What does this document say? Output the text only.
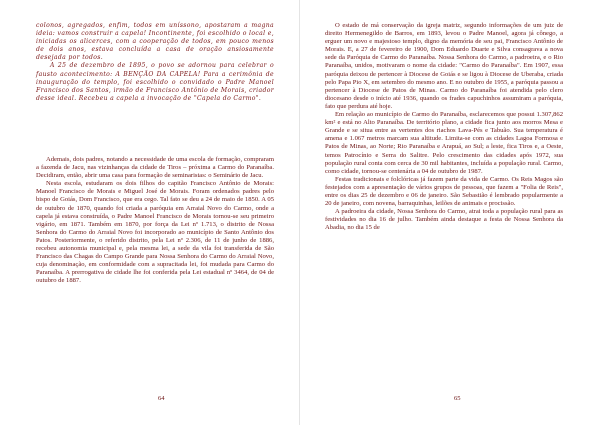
colonos, agregados, enfim, todos em uníssono, apostaram a magna ideia: vamos construir a capela! Incontinente, foi escolhido o local e, iniciadas os alicerces, com a cooperação de todos, em pouco menos de dois anos, estava concluída a casa de oração ansiosamente desejada por todos.

A 25 de dezembro de 1895, o povo se adornou para celebrar o fausto acontecimento: A BENÇÃO DA CAPELA! Para a cerimônia de inauguração do templo, foi escolhido o convidado o Padre Manoel Francisco dos Santos, irmão de Francisco Antônio de Morais, criador desse ideal. Recebeu a capela a invocação de "Capela do Carmo".

Ademais, dois padres, notando a necessidade de uma escola de formação, compraram a fazenda de Jacu, nas vizinhanças da cidade de Tiros – próxima a Carmo do Paranaíba. Decidiram, então, abrir uma casa para formação de seminaristas: o Seminário de Jacu.

Nesta escola, estudaram os dois filhos do capitão Francisco Antônio de Morais: Manoel Francisco de Morais e Miguel José de Morais. Foram ordenados padres pelo bispo de Goiás, Dom Francisco, que era cego. Tal fato se deu a 24 de maio de 1850. A 05 de outubro de 1870, quando foi criada a paróquia em Arraial Novo do Carmo, onde a capela já estava construída, o Padre Manoel Francisco de Morais tornou-se seu primeiro vigário, em 1871. Também em 1870, por força da Lei nº 1.713, o distrito de Nossa Senhora do Carmo do Arraial Novo foi incorporado ao município de Santo Antônio dos Patos. Posteriormente, o referido distrito, pela Lei nº 2.306, de 11 de junho de 1886, recebeu autonomia municipal e, pela mesma lei, a sede da vila foi transferida de São Francisco das Chagas do Campo Grande para Nossa Senhora do Carmo do Arraial Novo, cuja denominação, em conformidade com a supracitada lei, foi mudada para Carmo do Paranaíba. A prerrogativa de cidade lhe foi conferida pela Lei estadual nº 3464, de 04 de outubro de 1887.

64

O estado de má conservação da igreja matriz, segundo informações de um juiz de direito Hermenegildo de Barros, em 1893, levou o Padre Manoel, agora já cônego, a erguer um novo e majestoso templo, digno da memória de seu pai, Francisco Antônio de Morais. E, a 27 de fevereiro de 1900, Dom Eduardo Duarte e Silva consagrava a nova sede da Paróquia de Carmo do Paranaíba. Nossa Senhora do Carmo, a padroeira, e o Rio Paranaíba, unidos, motivaram o nome da cidade: "Carmo do Paranaíba". Em 1907, essa paróquia deixou de pertencer à Diocese de Goiás e se ligou à Diocese de Uberaba, criada pelo Papa Pio X, em setembro do mesmo ano. E no outubro de 1955, a paróquia passou a pertencer à Diocese de Patos de Minas. Carmo do Paranaíba foi atendida pelo clero diocesano desde o início até 1936, quando os frades capuchinhos assumiram a paróquia, fato que perdura até hoje.

Em relação ao município de Carmo do Paranaíba, esclarecemos que possui 1.307,862 km² e está no Alto Paranaíba. De território plano, a cidade fica junto aos morros Mesa e Grande e se situa entre as vertentes dos riachos Lava-Pés e Tabuão. Sua temperatura é amena e 1.067 metros marcam sua altitude. Limita-se com as cidades Lagoa Formosa e Patos de Minas, ao Norte; Rio Paranaíba e Arapuá, ao Sul; a leste, fica Tiros e, a Oeste, temos Patrocínio e Serra do Salitre. Pelo crescimento das cidades após 1972, sua população rural conta com cerca de 30 mil habitantes, incluída a população rural. Carmo, como cidade, tornou-se centenária a 04 de outubro de 1987.

Festas tradicionais e folclóricas já fazem parte da vida de Carmo. Os Reis Magos são festejados com a apresentação de vários grupos de pessoas, que fazem a "Folia de Reis", entre os dias 25 de dezembro e 06 de janeiro. São Sebastião é lembrado popularmente a 20 de janeiro, com novena, barraquinhas, leilões de animais e procissão.

A padroeira da cidade, Nossa Senhora do Carmo, atrai toda a população rural para as festividades no dia 16 de julho. Também ainda destaque a festa de Nossa Senhora da Abadia, no dia 15 de

65
